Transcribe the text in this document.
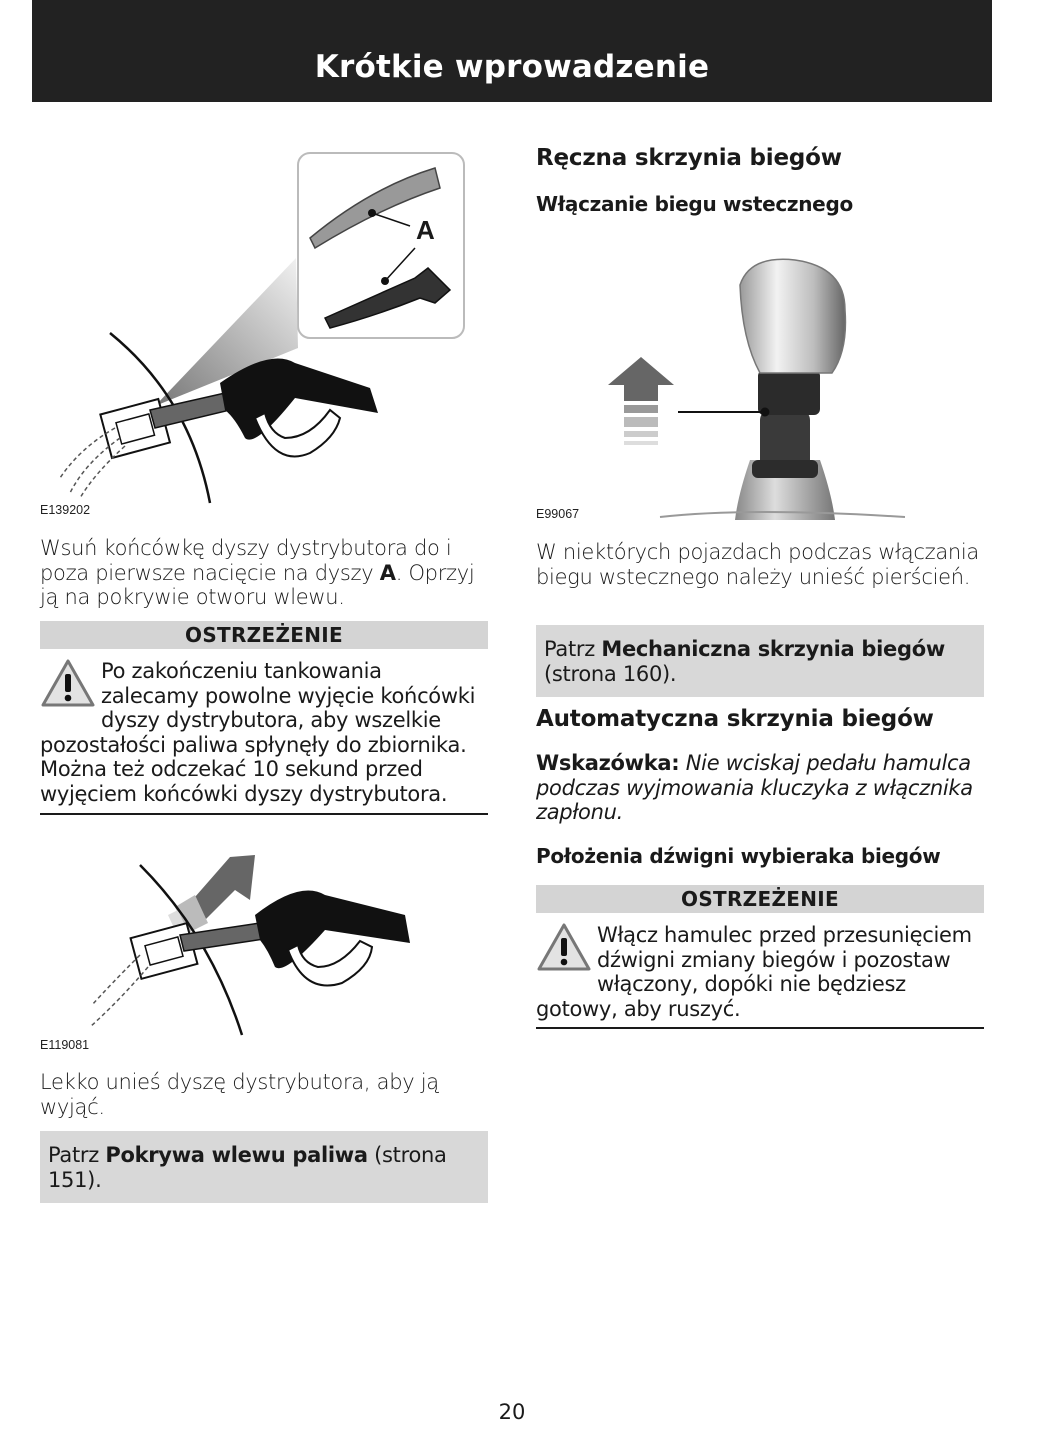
Krótkie wprowadzenie
E139202
A
Wsuń końcówkę dyszy dystrybutora do i poza pierwsze nacięcie na dyszy A. Oprzyj ją na pokrywie otworu wlewu.
OSTRZEŻENIE
Po zakończeniu tankowania
zalecamy powolne wyjęcie końcówki
dyszy dystrybutora, aby wszelkie
pozostałości paliwa spłynęły do zbiornika. Można też odczekać 10 sekund przed wyjęciem końcówki dyszy dystrybutora.
E119081
Lekko unieś dyszę dystrybutora, aby ją wyjąć.
Patrz Pokrywa wlewu paliwa (strona 151).
Ręczna skrzynia biegów
Włączanie biegu wstecznego
E99067
W niektórych pojazdach podczas włączania biegu wstecznego należy unieść pierścień.
Patrz Mechaniczna skrzynia biegów (strona 160).
Automatyczna skrzynia biegów
Wskazówka: Nie wciskaj pedału hamulca podczas wyjmowania kluczyka z włącznika zapłonu.
Położenia dźwigni wybieraka biegów
OSTRZEŻENIE
Włącz hamulec przed przesunięciem
dźwigni zmiany biegów i pozostaw
włączony, dopóki nie będziesz
gotowy, aby ruszyć.
20
